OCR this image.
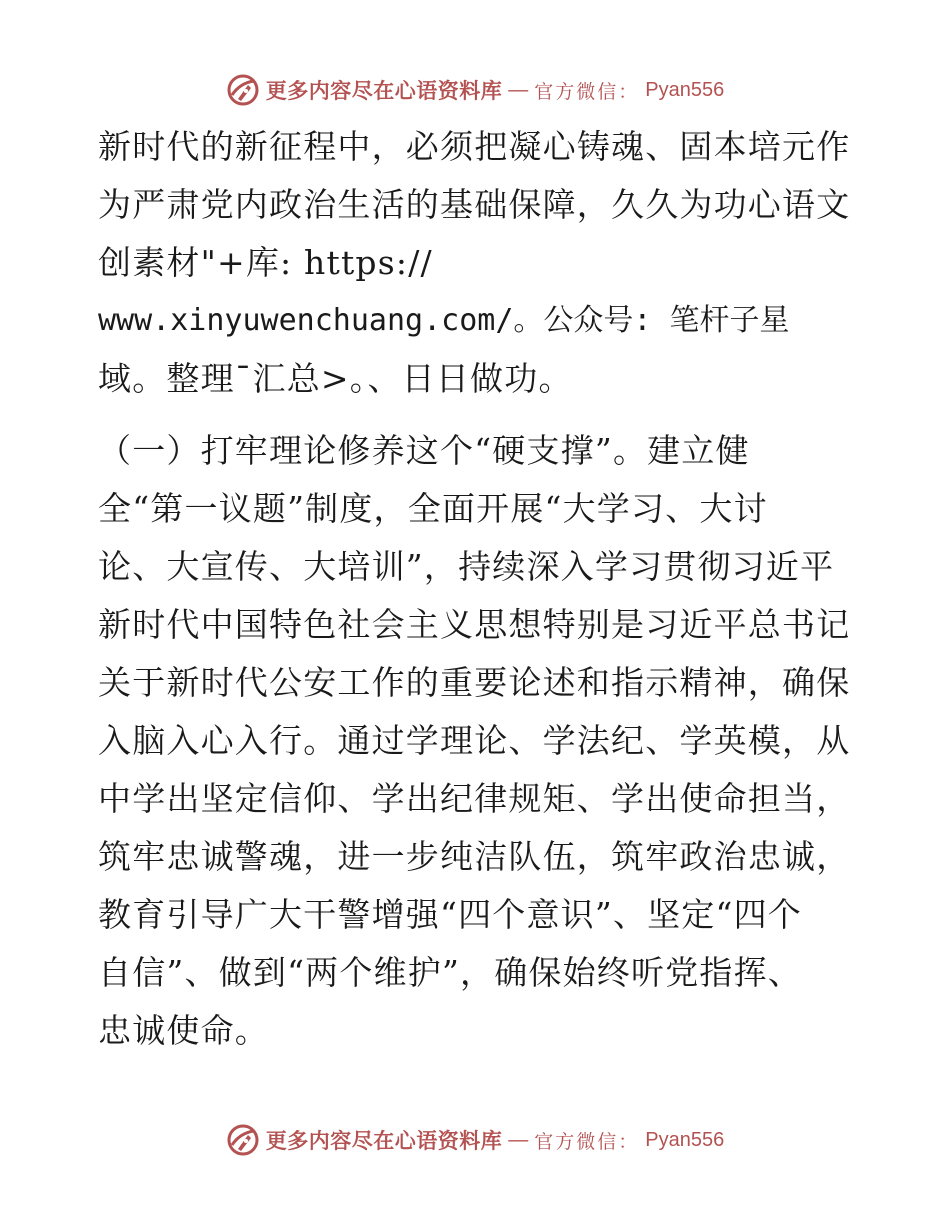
更多内容尽在心语资料库 — 官方微信： Pyan556
新时代的新征程中，必须把凝心铸魂、固本培元作
为严肃党内政治生活的基础保障，久久为功心语文
创素材"+库: https://
www.xinyuwenchuang.com/。公众号: 笔杆子星
域。整理¯汇总>。、日日做功。
（一）打牢理论修养这个“硬支撑”。建立健
全“第一议题”制度，全面开展“大学习、大讨
论、大宣传、大培训”，持续深入学习贯彻习近平
新时代中国特色社会主义思想特别是习近平总书记
关于新时代公安工作的重要论述和指示精神，确保
入脑入心入行。通过学理论、学法纪、学英模，从
中学出坚定信仰、学出纪律规矩、学出使命担当，
筑牢忠诚警魂，进一步纯洁队伍，筑牢政治忠诚，
教育引导广大干警增强“四个意识”、坚定“四个
自信”、做到“两个维护”，确保始终听党指挥、
忠诚使命。
更多内容尽在心语资料库 — 官方微信： Pyan556
